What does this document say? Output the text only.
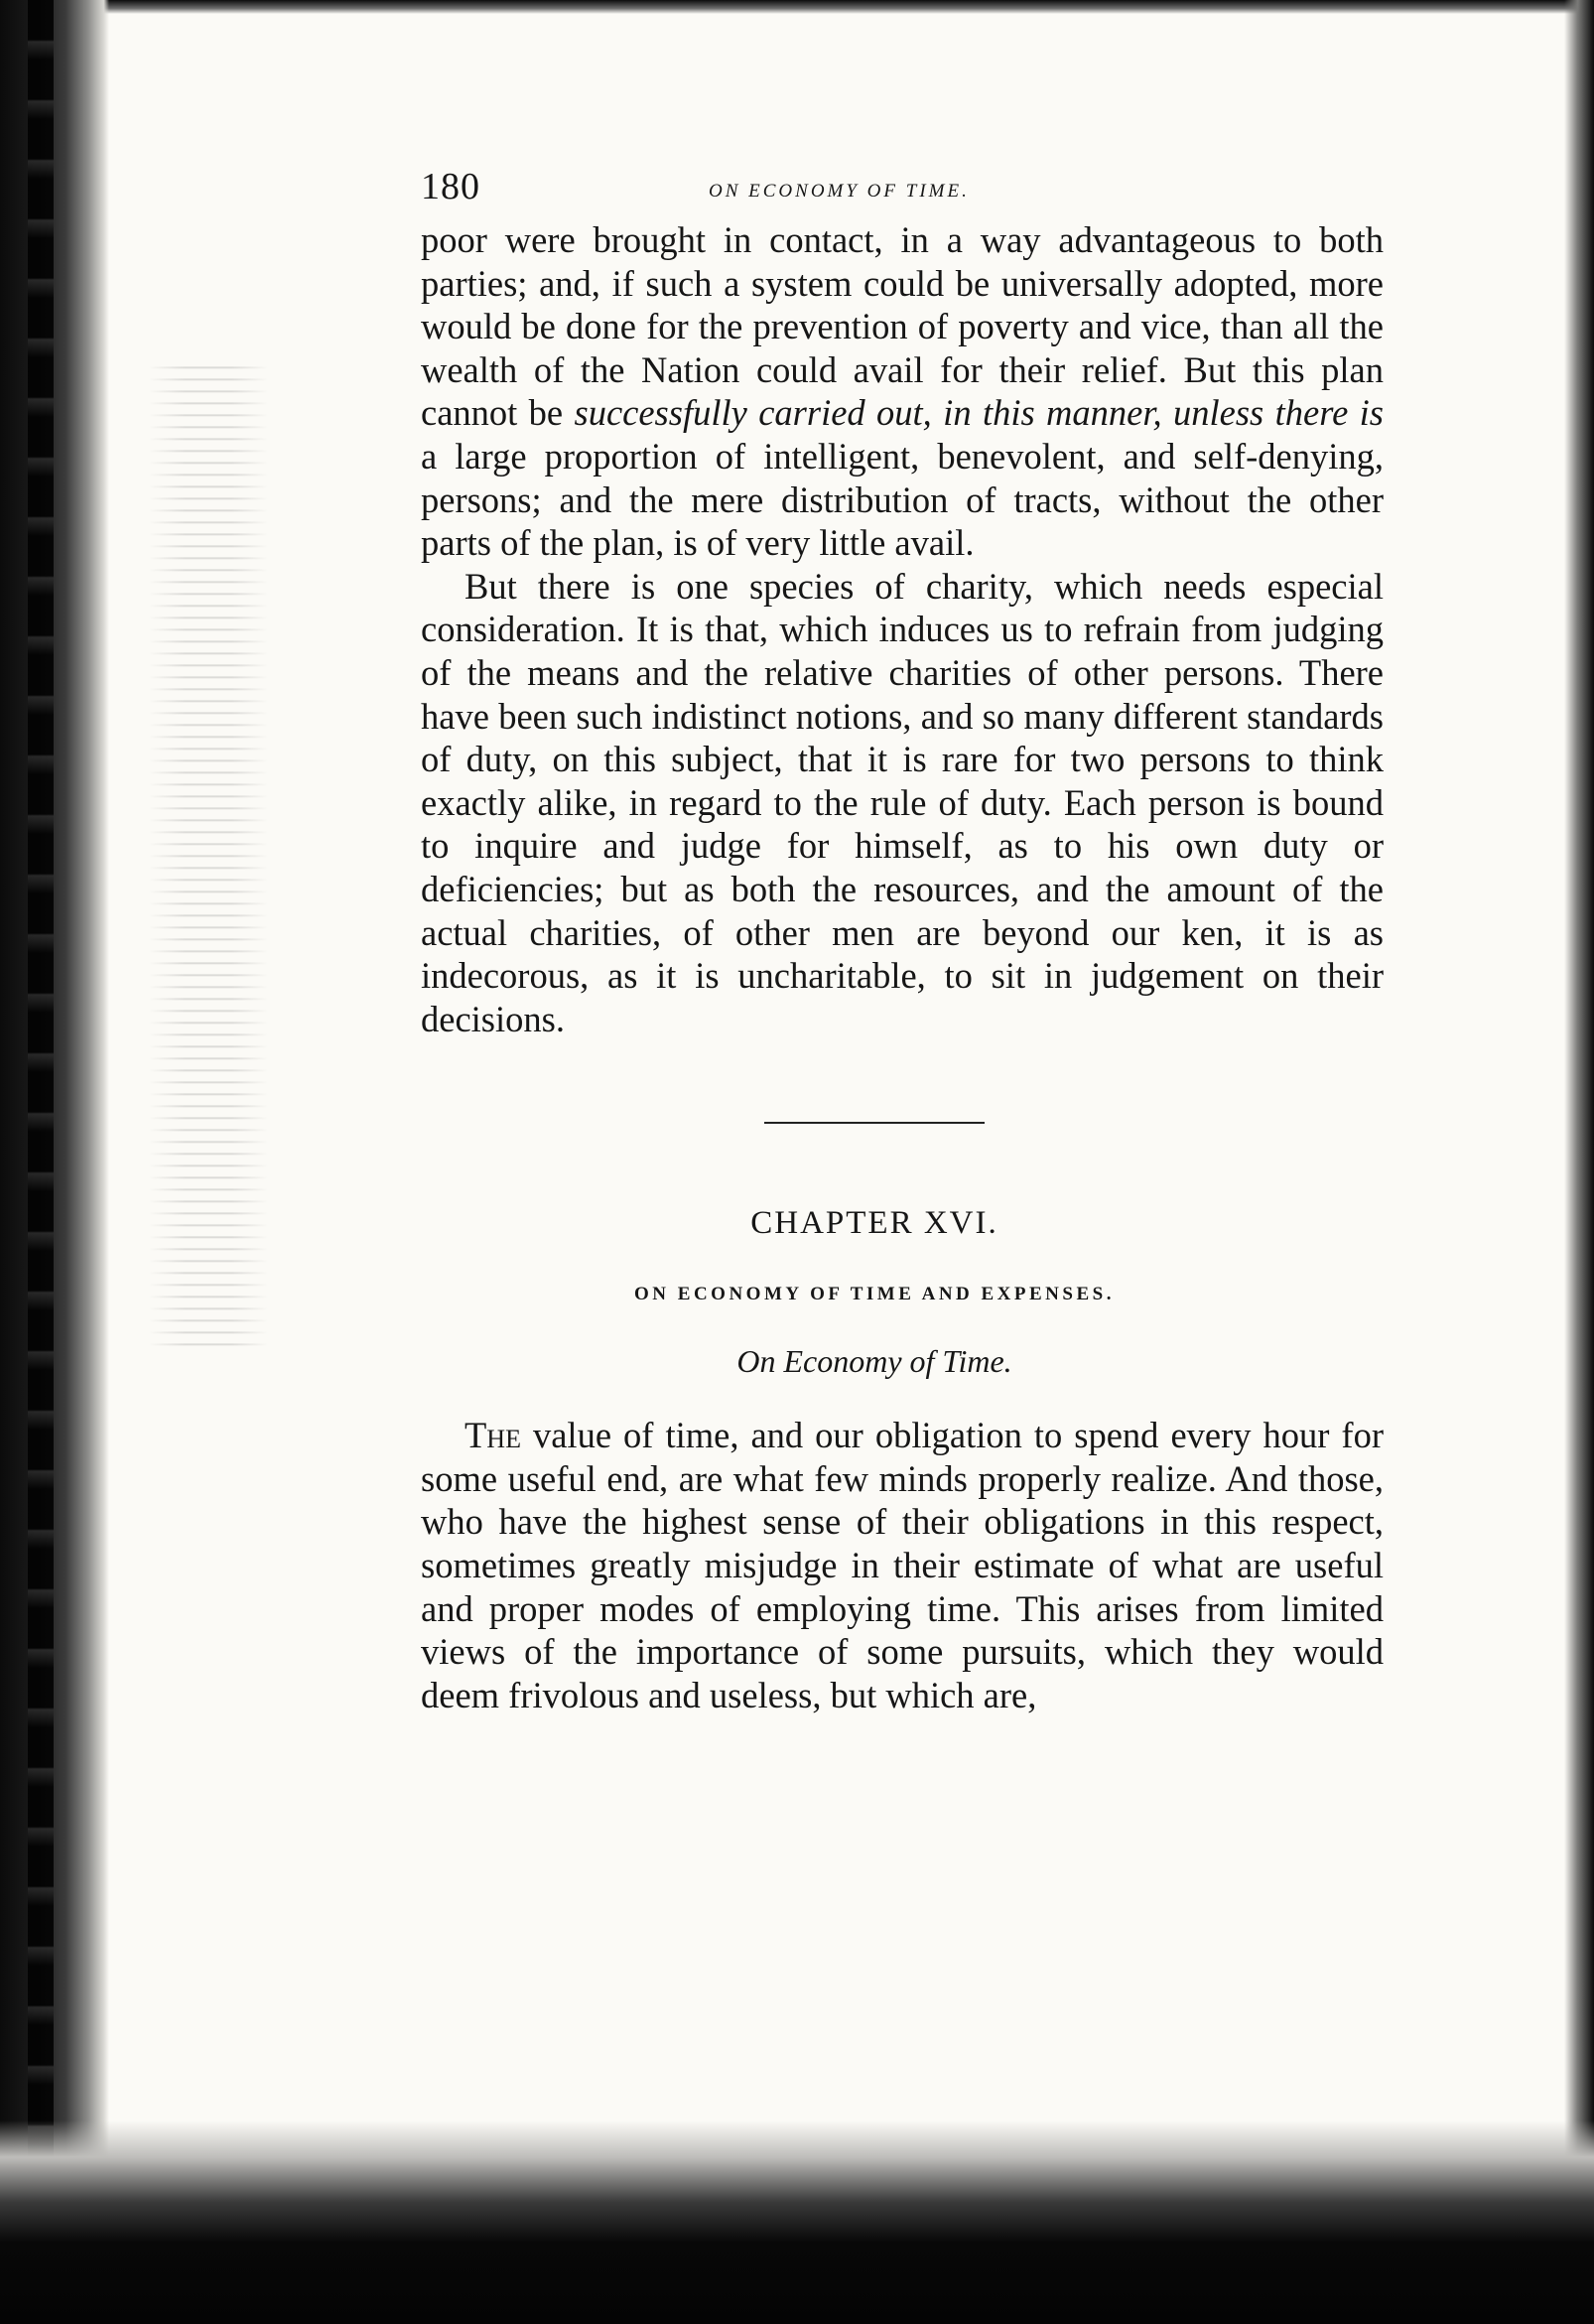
180	ON ECONOMY OF TIME.

poor were brought in contact, in a way advantageous to both parties; and, if such a system could be universally adopted, more would be done for the prevention of poverty and vice, than all the wealth of the Nation could avail for their relief. But this plan cannot be successfully carried out, in this manner, unless there is a large proportion of intelligent, benevolent, and self-denying, persons; and the mere distribution of tracts, without the other parts of the plan, is of very little avail.

But there is one species of charity, which needs especial consideration. It is that, which induces us to refrain from judging of the means and the relative charities of other persons. There have been such indistinct notions, and so many different standards of duty, on this subject, that it is rare for two persons to think exactly alike, in regard to the rule of duty. Each person is bound to inquire and judge for himself, as to his own duty or deficiencies; but as both the resources, and the amount of the actual charities, of other men are beyond our ken, it is as indecorous, as it is uncharitable, to sit in judgement on their decisions.

CHAPTER XVI.
ON ECONOMY OF TIME AND EXPENSES.
On Economy of Time.

The value of time, and our obligation to spend every hour for some useful end, are what few minds properly realize. And those, who have the highest sense of their obligations in this respect, sometimes greatly misjudge in their estimate of what are useful and proper modes of employing time. This arises from limited views of the importance of some pursuits, which they would deem frivolous and useless, but which are,
